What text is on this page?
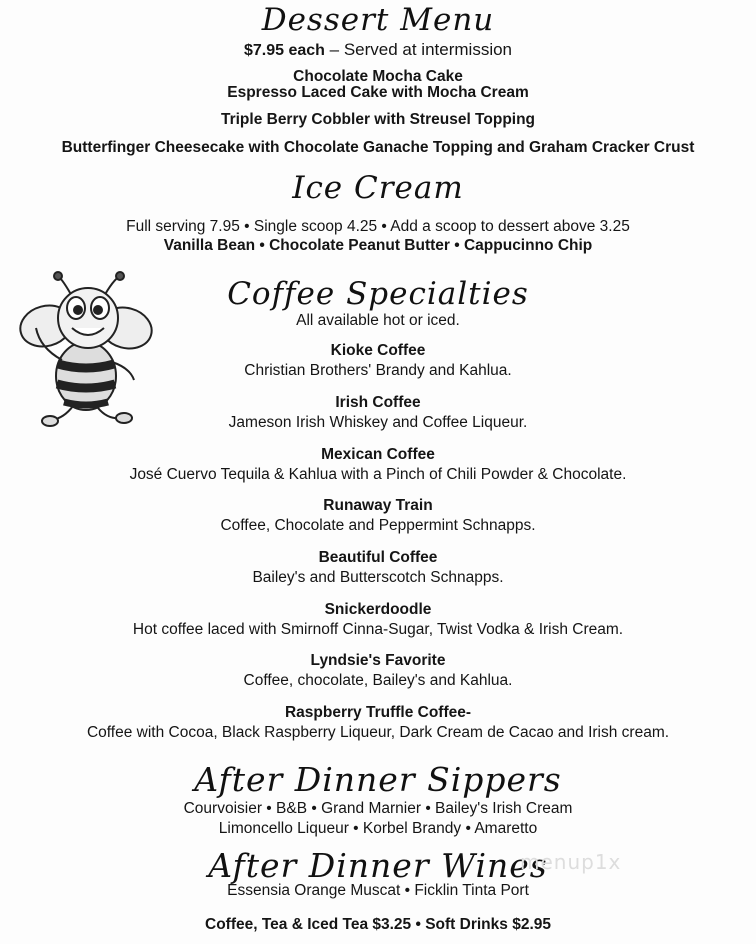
Dessert Menu
$7.95 each – Served at intermission
Chocolate Mocha Cake
Espresso Laced Cake with Mocha Cream
Triple Berry Cobbler with Streusel Topping
Butterfinger Cheesecake with Chocolate Ganache Topping and Graham Cracker Crust
Ice Cream
Full serving 7.95 • Single scoop 4.25 • Add a scoop to dessert above 3.25
Vanilla Bean • Chocolate Peanut Butter • Cappucinno Chip
Coffee Specialties
All available hot or iced.
Kioke Coffee
Christian Brothers' Brandy and Kahlua.
Irish Coffee
Jameson Irish Whiskey and Coffee Liqueur.
Mexican Coffee
José Cuervo Tequila & Kahlua with a Pinch of Chili Powder & Chocolate.
Runaway Train
Coffee, Chocolate and Peppermint Schnapps.
Beautiful Coffee
Bailey's and Butterscotch Schnapps.
Snickerdoodle
Hot coffee laced with Smirnoff Cinna-Sugar, Twist Vodka & Irish Cream.
Lyndsie's Favorite
Coffee, chocolate, Bailey's and Kahlua.
Raspberry Truffle Coffee-
Coffee with Cocoa, Black Raspberry Liqueur, Dark Cream de Cacao and Irish cream.
After Dinner Sippers
Courvoisier • B&B • Grand Marnier • Bailey's Irish Cream
Limoncello Liqueur • Korbel Brandy • Amaretto
After Dinner Wines
Essensia Orange Muscat • Ficklin Tinta Port
Coffee, Tea & Iced Tea $3.25 • Soft Drinks $2.95
menup1x
